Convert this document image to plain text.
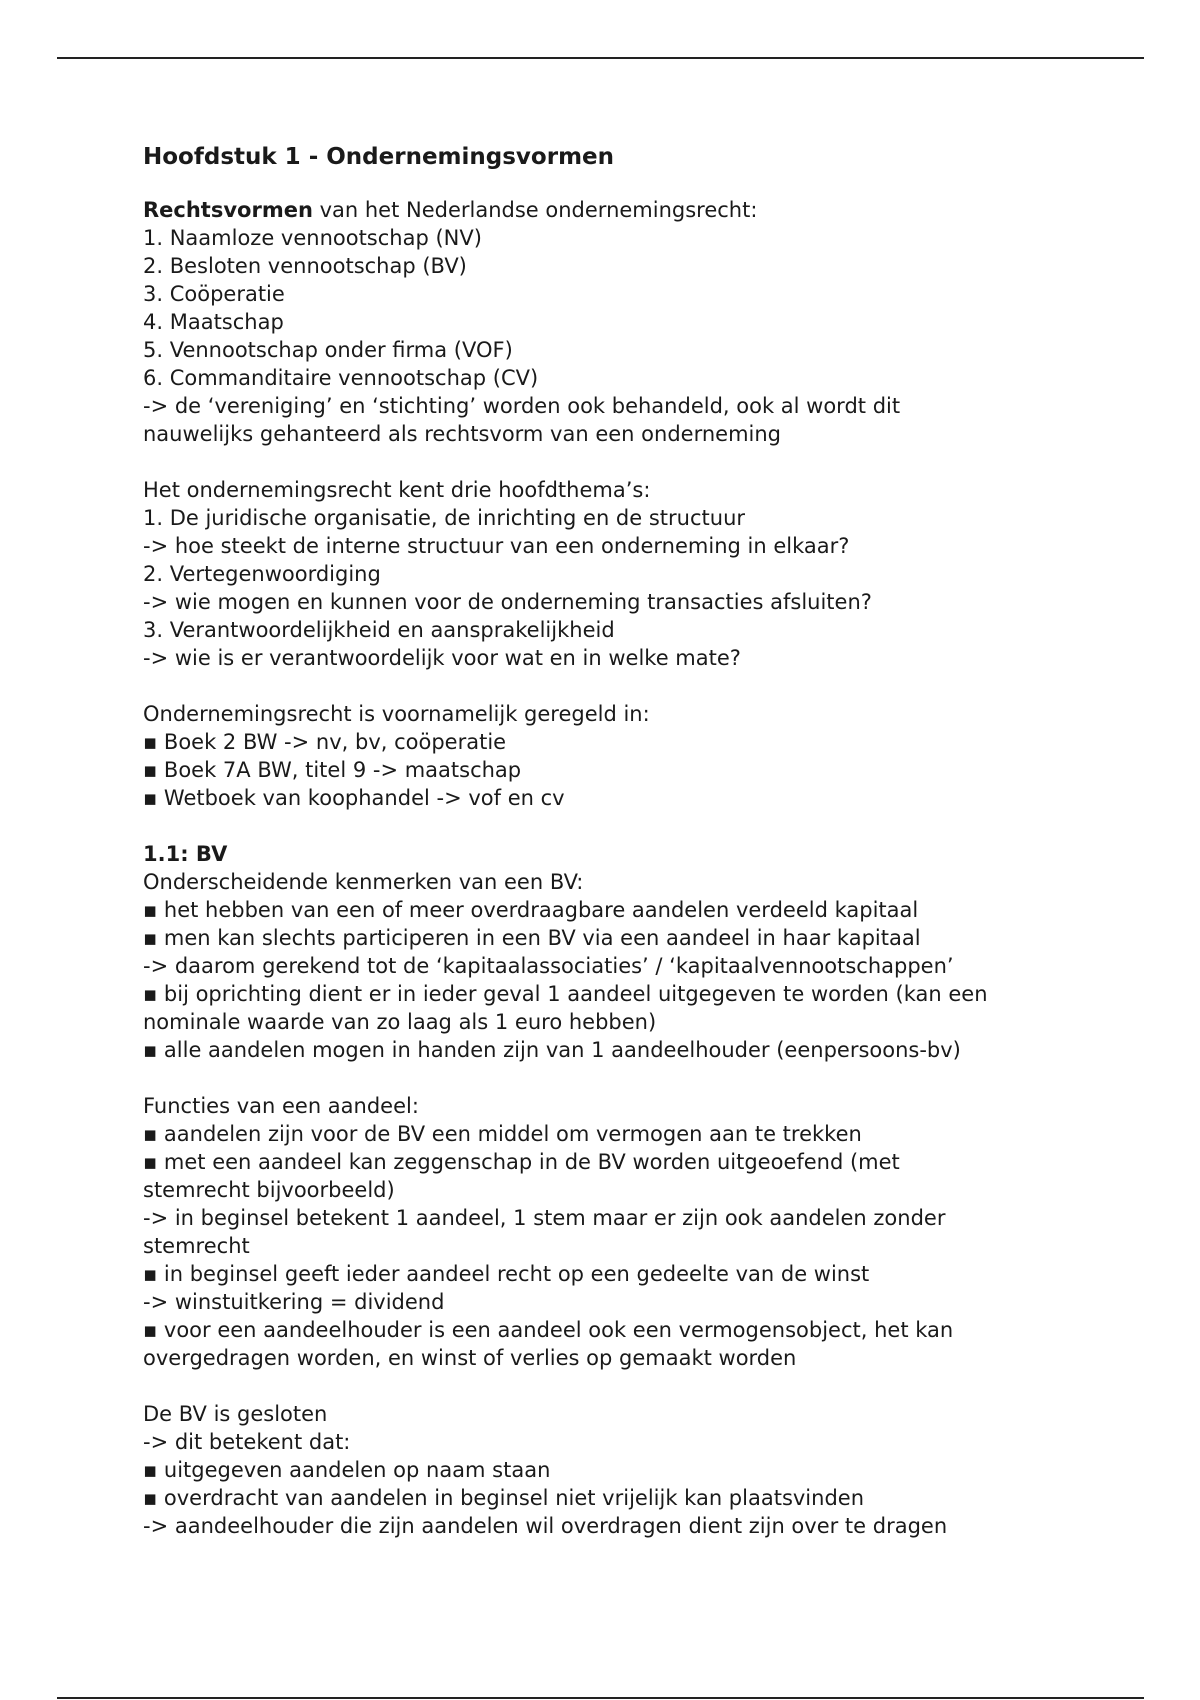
Hoofdstuk 1 - Ondernemingsvormen

Rechtsvormen van het Nederlandse ondernemingsrecht:

1. Naamloze vennootschap (NV)

2. Besloten vennootschap (BV)

3. Coöperatie

4. Maatschap

5. Vennootschap onder firma (VOF)

6. Commanditaire vennootschap (CV)

-> de ‘vereniging’ en ‘stichting’ worden ook behandeld, ook al wordt dit nauwelijks gehanteerd als rechtsvorm van een onderneming

Het ondernemingsrecht kent drie hoofdthema’s:

1. De juridische organisatie, de inrichting en de structuur

-> hoe steekt de interne structuur van een onderneming in elkaar?

2. Vertegenwoordiging

-> wie mogen en kunnen voor de onderneming transacties afsluiten?

3. Verantwoordelijkheid en aansprakelijkheid

-> wie is er verantwoordelijk voor wat en in welke mate?

Ondernemingsrecht is voornamelijk geregeld in:

▪ Boek 2 BW -> nv, bv, coöperatie

▪ Boek 7A BW, titel 9 -> maatschap

▪ Wetboek van koophandel -> vof en cv

1.1: BV

Onderscheidende kenmerken van een BV:

▪ het hebben van een of meer overdraagbare aandelen verdeeld kapitaal

▪ men kan slechts participeren in een BV via een aandeel in haar kapitaal

-> daarom gerekend tot de ‘kapitaalassociaties’ / ‘kapitaalvennootschappen’

▪ bij oprichting dient er in ieder geval 1 aandeel uitgegeven te worden (kan een nominale waarde van zo laag als 1 euro hebben)

▪ alle aandelen mogen in handen zijn van 1 aandeelhouder (eenpersoons-bv)

Functies van een aandeel:

▪ aandelen zijn voor de BV een middel om vermogen aan te trekken

▪ met een aandeel kan zeggenschap in de BV worden uitgeoefend (met stemrecht bijvoorbeeld)

-> in beginsel betekent 1 aandeel, 1 stem maar er zijn ook aandelen zonder stemrecht

▪ in beginsel geeft ieder aandeel recht op een gedeelte van de winst

-> winstuitkering = dividend

▪ voor een aandeelhouder is een aandeel ook een vermogensobject, het kan overgedragen worden, en winst of verlies op gemaakt worden

De BV is gesloten

-> dit betekent dat:

▪ uitgegeven aandelen op naam staan

▪ overdracht van aandelen in beginsel niet vrijelijk kan plaatsvinden

-> aandeelhouder die zijn aandelen wil overdragen dient zijn over te dragen
